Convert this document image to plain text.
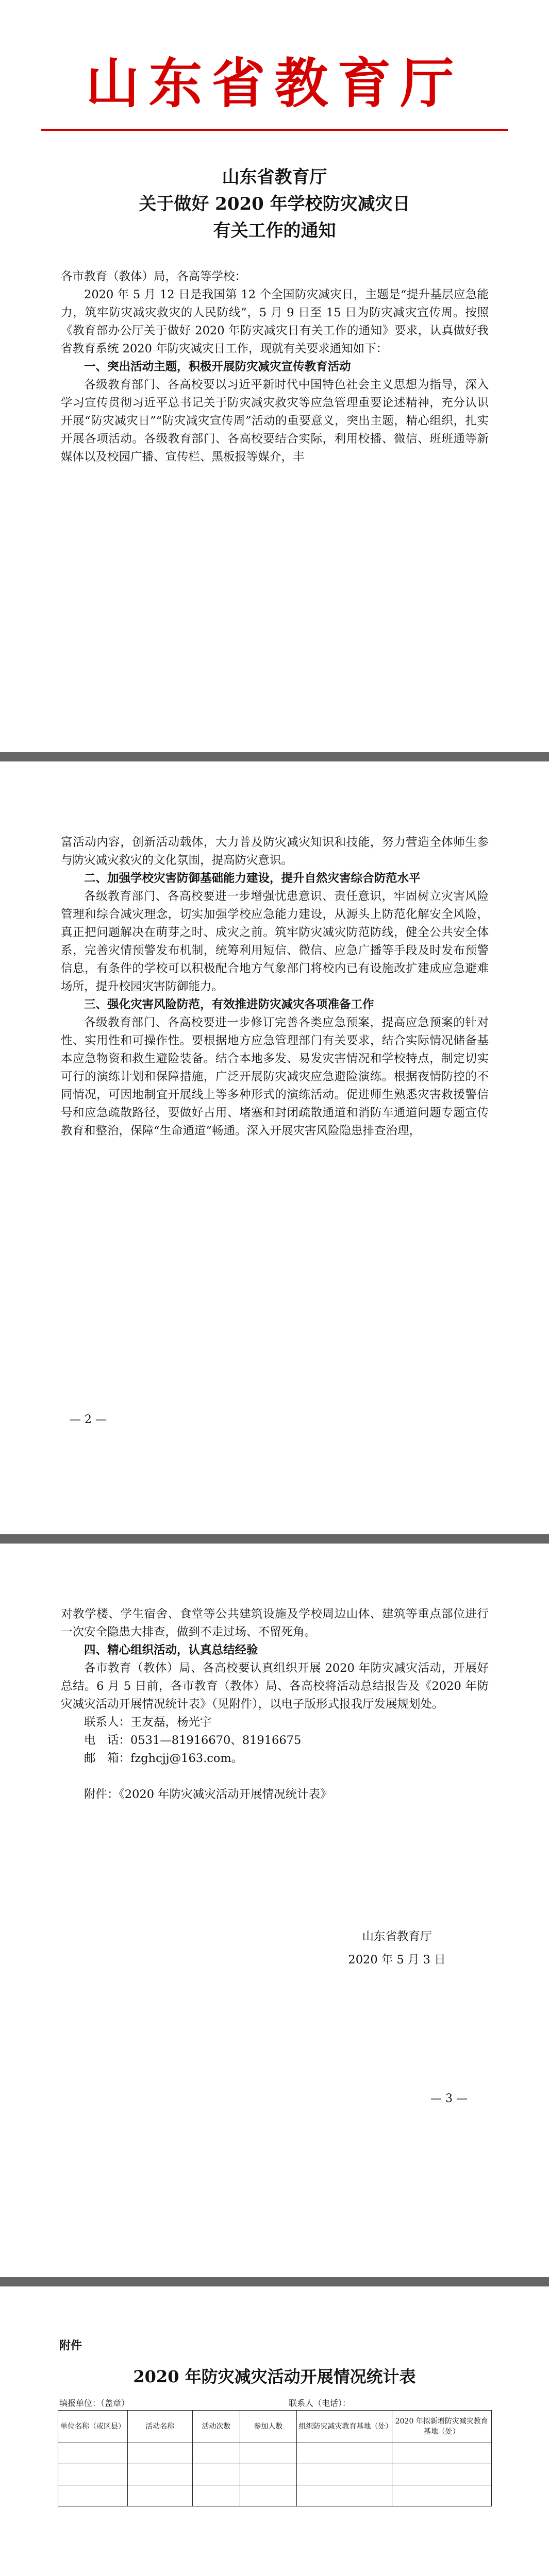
山东省教育厅
山东省教育厅
关于做好 2020 年学校防灾减灾日
有关工作的通知

各市教育（教体）局，各高等学校：

2020 年 5 月 12 日是我国第 12 个全国防灾减灾日，主题是“提升基层应急能力，筑牢防灾减灾救灾的人民防线”，5 月 9 日至 15 日为防灾减灾宣传周。按照《教育部办公厅关于做好 2020 年防灾减灾日有关工作的通知》要求，认真做好我省教育系统 2020 年防灾减灾日工作，现就有关要求通知如下：

一、突出活动主题，积极开展防灾减灾宣传教育活动

各级教育部门、各高校要以习近平新时代中国特色社会主义思想为指导，深入学习宣传贯彻习近平总书记关于防灾减灾救灾等应急管理重要论述精神，充分认识开展“防灾减灾日”“防灾减灾宣传周”活动的重要意义，突出主题，精心组织，扎实开展各项活动。各级教育部门、各高校要结合实际，利用校播、微信、班班通等新媒体以及校园广播、宣传栏、黑板报等媒介，丰

富活动内容，创新活动载体，大力普及防灾减灾知识和技能，努力营造全体师生参与防灾减灾救灾的文化氛围，提高防灾意识。

二、加强学校灾害防御基础能力建设，提升自然灾害综合防范水平

各级教育部门、各高校要进一步增强忧患意识、责任意识，牢固树立灾害风险管理和综合减灾理念，切实加强学校应急能力建设，从源头上防范化解安全风险，真正把问题解决在萌芽之时、成灾之前。筑牢防灾减灾防范防线，健全公共安全体系，完善灾情预警发布机制，统筹利用短信、微信、应急广播等手段及时发布预警信息，有条件的学校可以积极配合地方气象部门将校内已有设施改扩建成应急避难场所，提升校园灾害防御能力。

三、强化灾害风险防范，有效推进防灾减灾各项准备工作

各级教育部门、各高校要进一步修订完善各类应急预案，提高应急预案的针对性、实用性和可操作性。要根据地方应急管理部门有关要求，结合实际情况储备基本应急物资和救生避险装备。结合本地多发、易发灾害情况和学校特点，制定切实可行的演练计划和保障措施，广泛开展防灾减灾应急避险演练。根据夜情防控的不同情况，可因地制宜开展线上等多种形式的演练活动。促进师生熟悉灾害救援警信号和应急疏散路径，要做好占用、堵塞和封闭疏散通道和消防车通道问题专题宣传教育和整治，保障“生命通道”畅通。深入开展灾害风险隐患排查治理，

— 2 —

对教学楼、学生宿舍、食堂等公共建筑设施及学校周边山体、建筑等重点部位进行一次安全隐患大排查，做到不走过场、不留死角。

四、精心组织活动，认真总结经验

各市教育（教体）局、各高校要认真组织开展 2020 年防灾减灾活动，开展好总结。6 月 5 日前，各市教育（教体）局、各高校将活动总结报告及《2020 年防灾减灾活动开展情况统计表》（见附件），以电子版形式报我厅发展规划处。

联系人：王友磊，杨光宇

电　话：0531—81916670、81916675

邮　箱：fzghcjj@163.com。

附件：《2020 年防灾减灾活动开展情况统计表》

山东省教育厅
2020 年 5 月 3 日
— 3 —
附件
2020 年防灾减灾活动开展情况统计表
填报单位：（盖章）	联系人（电话）：
单位名称（或区县）	活动名称	活动次数	参加人数	组织防灾减灾教育基地（处）	2020 年拟新增防灾减灾教育基地（处）
